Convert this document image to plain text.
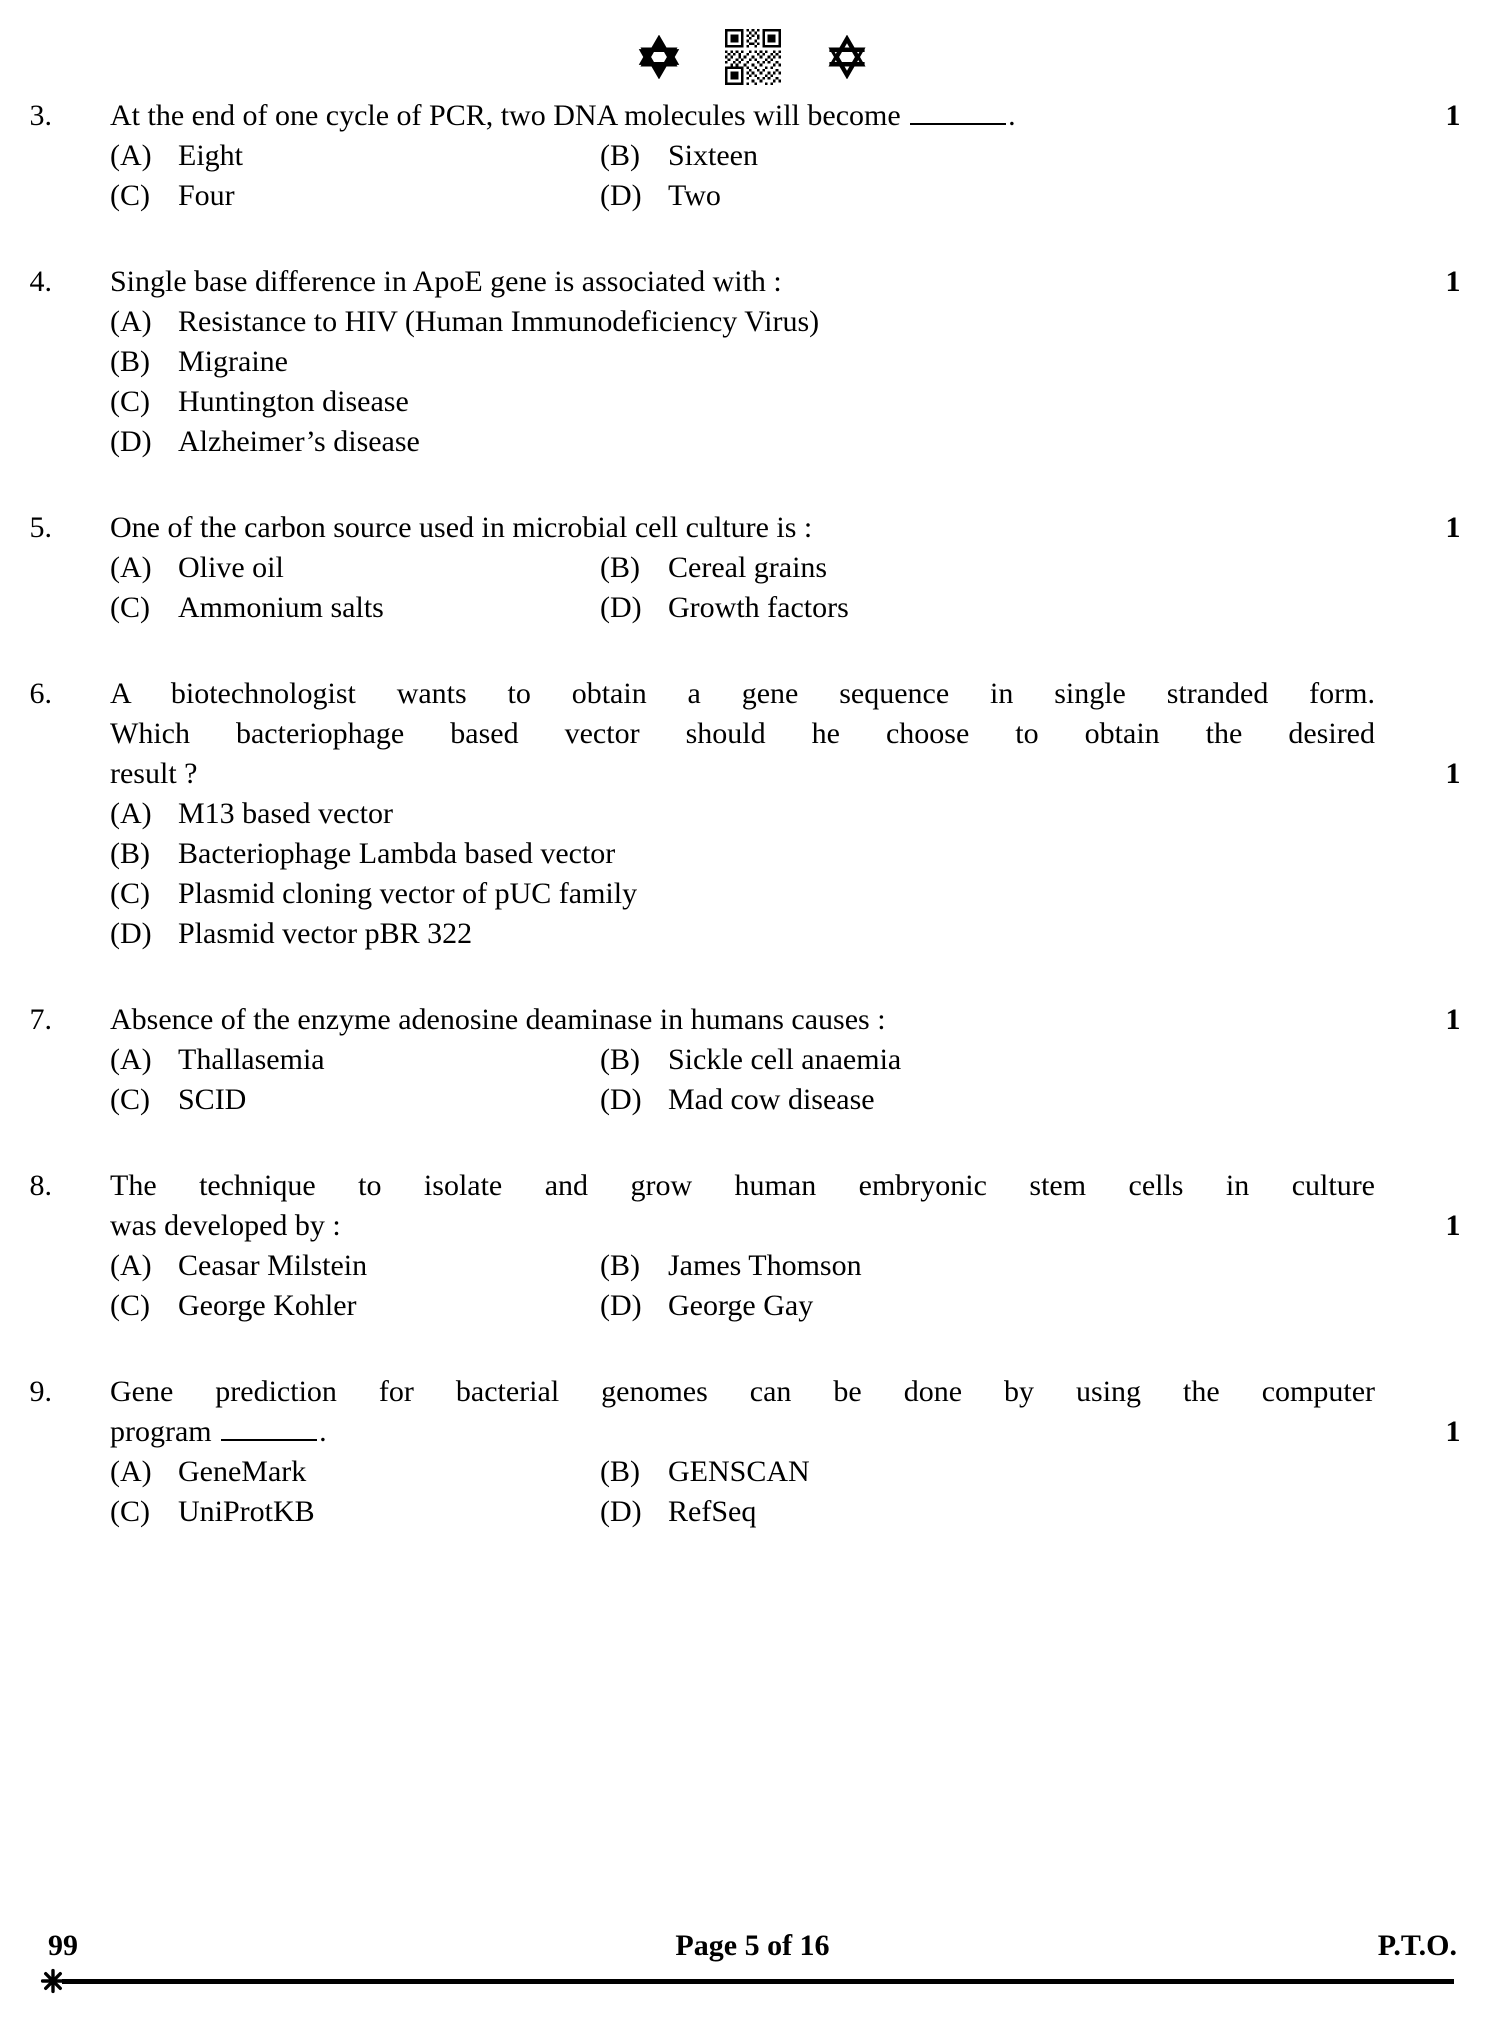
3.	At the end of one cycle of PCR, two DNA molecules will become	.	1
(A) Eight	(B) Sixteen
(C) Four	(D) Two
4.	Single base difference in ApoE gene is associated with :	1
(A) Resistance to HIV (Human Immunodeficiency Virus)
(B) Migraine
(C) Huntington disease
(D) Alzheimer’s disease
5.	One of the carbon source used in microbial cell culture is :	1
(A) Olive oil	(B) Cereal grains
(C) Ammonium salts	(D) Growth factors
6.	A biotechnologist wants to obtain a gene sequence in single stranded form.
Which bacteriophage based vector should he choose to obtain the desired
result ?	1
(A) M13 based vector
(B) Bacteriophage Lambda based vector
(C) Plasmid cloning vector of pUC family
(D) Plasmid vector pBR 322
7.	Absence of the enzyme adenosine deaminase in humans causes :	1
(A) Thallasemia	(B) Sickle cell anaemia
(C) SCID	(D) Mad cow disease
8.	The technique to isolate and grow human embryonic stem cells in culture
was developed by :	1
(A) Ceasar Milstein	(B) James Thomson
(C) George Kohler	(D) George Gay
9.	Gene prediction for bacterial genomes can be done by using the computer
program	.	1
(A) GeneMark	(B) GENSCAN
(C) UniProtKB	(D) RefSeq
99	Page 5 of 16	P.T.O.
